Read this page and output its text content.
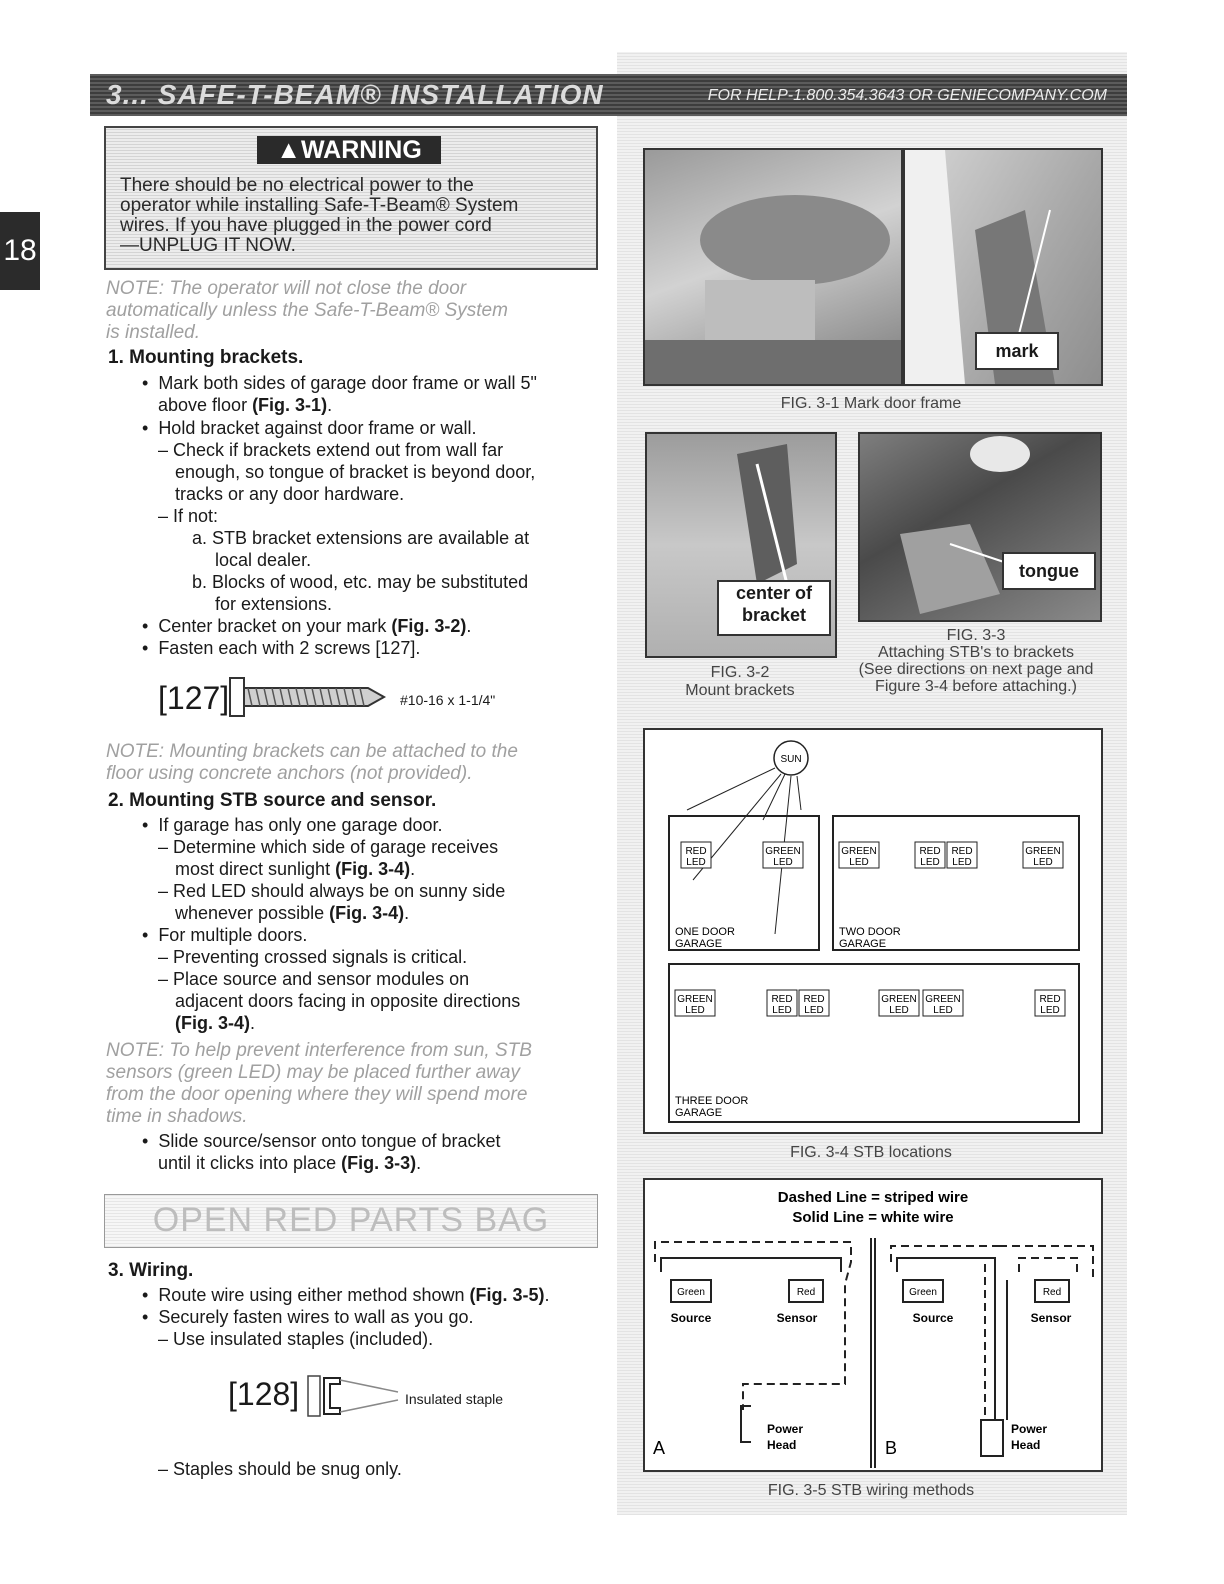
3... SAFE-T-BEAM® INSTALLATION	FOR HELP-1.800.354.3643 OR GENIECOMPANY.COM
18
▲WARNING
There should be no electrical power to the
operator while installing Safe-T-Beam® System
wires. If you have plugged in the power cord
—UNPLUG IT NOW.
NOTE: The operator will not close the door
automatically unless the Safe-T-Beam® System
is installed.
1. Mounting brackets.
•  Mark both sides of garage door frame or wall 5"
above floor (Fig. 3-1).
•  Hold bracket against door frame or wall.
– Check if brackets extend out from wall far
enough, so tongue of bracket is beyond door,
tracks or any door hardware.
– If not:
a. STB bracket extensions are available at
local dealer.
b. Blocks of wood, etc. may be substituted
for extensions.
•  Center bracket on your mark (Fig. 3-2).
•  Fasten each with 2 screws [127].
[127]	#10-16 x 1-1/4"
NOTE: Mounting brackets can be attached to the
floor using concrete anchors (not provided).
2. Mounting STB source and sensor.
•  If garage has only one garage door.
– Determine which side of garage receives
most direct sunlight (Fig. 3-4).
– Red LED should always be on sunny side
whenever possible (Fig. 3-4).
•  For multiple doors.
– Preventing crossed signals is critical.
– Place source and sensor modules on
adjacent doors facing in opposite directions
(Fig. 3-4).
NOTE: To help prevent interference from sun, STB
sensors (green LED) may be placed further away
from the door opening where they will spend more
time in shadows.
•  Slide source/sensor onto tongue of bracket
until it clicks into place (Fig. 3-3).
OPEN RED PARTS BAG
3. Wiring.
•  Route wire using either method shown (Fig. 3-5).
•  Securely fasten wires to wall as you go.
– Use insulated staples (included).
[128]	Insulated staple
– Staples should be snug only.
mark
FIG. 3-1 Mark door frame
center of
bracket
FIG. 3-2
Mount brackets
tongue
FIG. 3-3
Attaching STB's to brackets
(See directions on next page and
Figure 3-4 before attaching.)
SUN
ONE DOOR
GARAGE
RED
LED
GREEN
LED
TWO DOOR
GARAGE
GREEN
LED
RED
LED
RED
LED
GREEN
LED
THREE DOOR
GARAGE
GREEN
LED
RED
LED
RED
LED
GREEN
LED
GREEN
LED
RED
LED
FIG. 3-4 STB locations
Dashed Line = striped wire
Solid Line = white wire
Green	Red
Source	Sensor
Power
Head
A
Green	Red
Source	Sensor
Power
Head
B
FIG. 3-5 STB wiring methods
